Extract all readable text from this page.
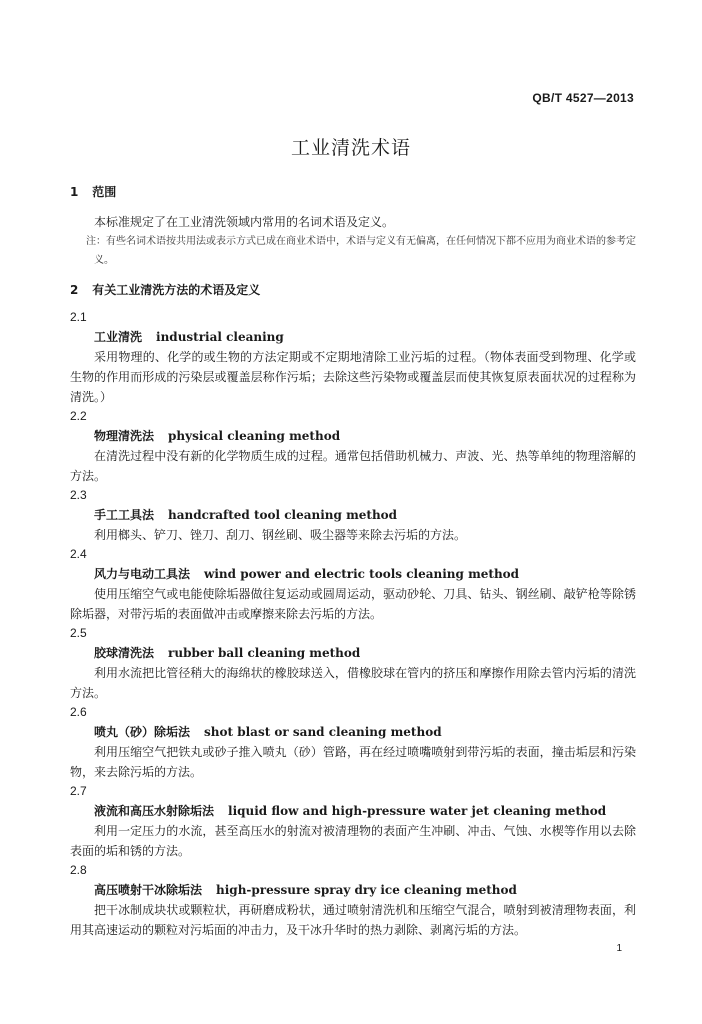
QB/T 4527—2013
工业清洗术语
1 范围

本标准规定了在工业清洗领域内常用的名词术语及定义。

注：有些名词术语按共用法或表示方式已成在商业术语中，术语与定义有无偏离，在任何情况下都不应用为商业术语的参考定义。

2 有关工业清洗方法的术语及定义
2.1
工业清洗 industrial cleaning

采用物理的、化学的或生物的方法定期或不定期地清除工业污垢的过程。（物体表面受到物理、化学或生物的作用而形成的污染层或覆盖层称作污垢；去除这些污染物或覆盖层而使其恢复原表面状况的过程称为清洗。）

2.2
物理清洗法 physical cleaning method

在清洗过程中没有新的化学物质生成的过程。通常包括借助机械力、声波、光、热等单纯的物理溶解的方法。

2.3
手工工具法 handcrafted tool cleaning method

利用榔头、铲刀、锉刀、刮刀、钢丝刷、吸尘器等来除去污垢的方法。

2.4
风力与电动工具法 wind power and electric tools cleaning method

使用压缩空气或电能使除垢器做往复运动或圆周运动，驱动砂轮、刀具、钻头、钢丝刷、敲铲枪等除锈除垢器，对带污垢的表面做冲击或摩擦来除去污垢的方法。

2.5
胶球清洗法 rubber ball cleaning method

利用水流把比管径稍大的海绵状的橡胶球送入，借橡胶球在管内的挤压和摩擦作用除去管内污垢的清洗方法。

2.6
喷丸（砂）除垢法 shot blast or sand cleaning method

利用压缩空气把铁丸或砂子推入喷丸（砂）管路，再在经过喷嘴喷射到带污垢的表面，撞击垢层和污染物，来去除污垢的方法。

2.7
液流和高压水射除垢法 liquid flow and high-pressure water jet cleaning method

利用一定压力的水流，甚至高压水的射流对被清理物的表面产生冲刷、冲击、气蚀、水楔等作用以去除表面的垢和锈的方法。

2.8
高压喷射干冰除垢法 high-pressure spray dry ice cleaning method

把干冰制成块状或颗粒状，再研磨成粉状，通过喷射清洗机和压缩空气混合，喷射到被清理物表面，利用其高速运动的颗粒对污垢面的冲击力，及干冰升华时的热力剥除、剥离污垢的方法。

1
